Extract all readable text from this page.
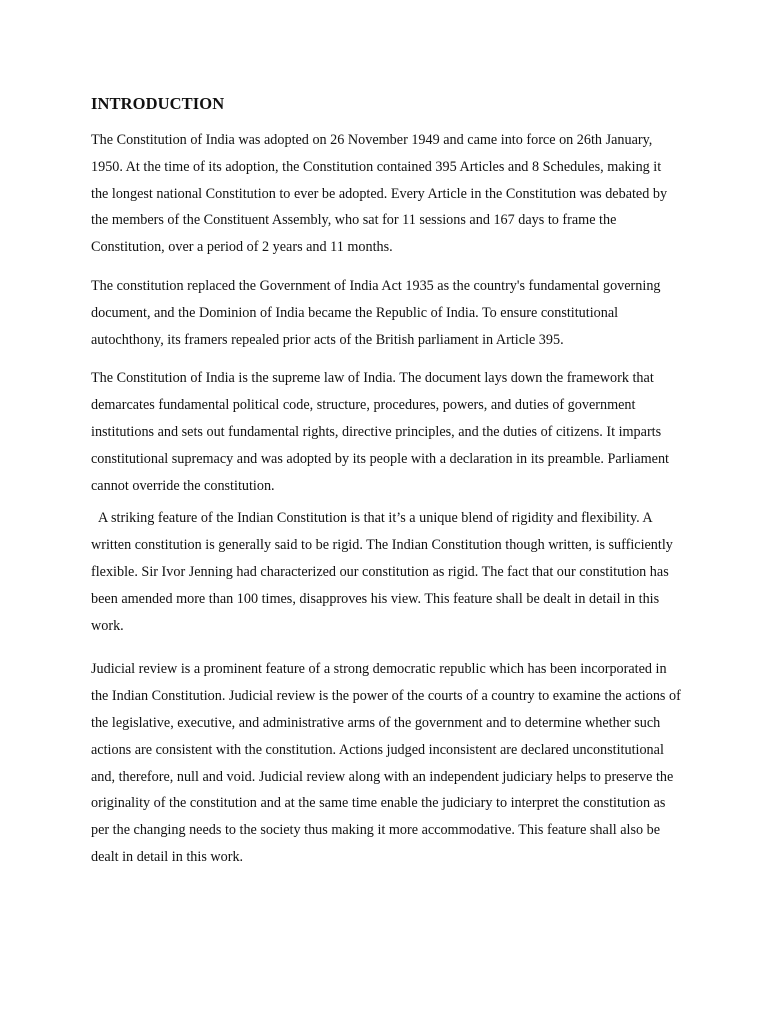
INTRODUCTION

The Constitution of India was adopted on 26 November 1949 and came into force on 26th January, 1950. At the time of its adoption, the Constitution contained 395 Articles and 8 Schedules, making it the longest national Constitution to ever be adopted. Every Article in the Constitution was debated by the members of the Constituent Assembly, who sat for 11 sessions and 167 days to frame the Constitution, over a period of 2 years and 11 months.

The constitution replaced the Government of India Act 1935 as the country's fundamental governing document, and the Dominion of India became the Republic of India. To ensure constitutional autochthony, its framers repealed prior acts of the British parliament in Article 395.

The Constitution of India is the supreme law of India. The document lays down the framework that demarcates fundamental political code, structure, procedures, powers, and duties of government institutions and sets out fundamental rights, directive principles, and the duties of citizens. It imparts constitutional supremacy and was adopted by its people with a declaration in its preamble. Parliament cannot override the constitution.

A striking feature of the Indian Constitution is that it’s a unique blend of rigidity and flexibility. A written constitution is generally said to be rigid. The Indian Constitution though written, is sufficiently flexible. Sir Ivor Jenning had characterized our constitution as rigid. The fact that our constitution has been amended more than 100 times, disapproves his view. This feature shall be dealt in detail in this work.

Judicial review is a prominent feature of a strong democratic republic which has been incorporated in the Indian Constitution. Judicial review is the power of the courts of a country to examine the actions of the legislative, executive, and administrative arms of the government and to determine whether such actions are consistent with the constitution. Actions judged inconsistent are declared unconstitutional and, therefore, null and void. Judicial review along with an independent judiciary helps to preserve the originality of the constitution and at the same time enable the judiciary to interpret the constitution as per the changing needs to the society thus making it more accommodative. This feature shall also be dealt in detail in this work.
